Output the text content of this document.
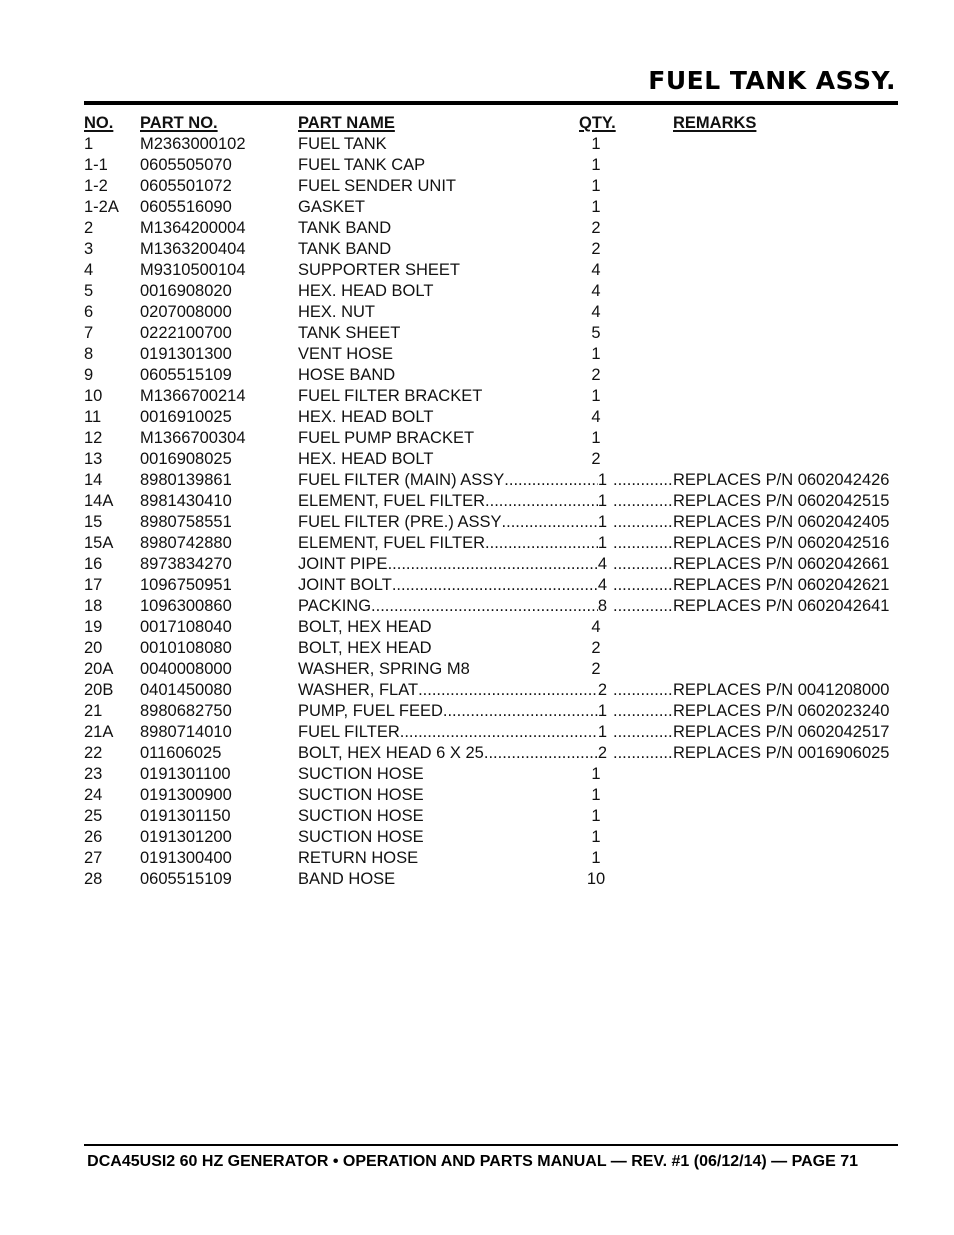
FUEL TANK ASSY.
NO. PART NO.	PART NAME	QTY.	REMARKS
1	M2363000102	FUEL TANK	1
1-1 0605505070	FUEL TANK CAP	1
1-2 0605501072	FUEL SENDER UNIT	1
1-2A 0605516090	GASKET	1
2	M1364200004	TANK BAND	2
3	M1363200404	TANK BAND	2
4	M9310500104	SUPPORTER SHEET	4
5	0016908020	HEX. HEAD BOLT	4
6	0207008000	HEX. NUT	4
7	0222100700	TANK SHEET	5
8	0191301300	VENT HOSE	1
9	0605515109	HOSE BAND	2
10 M1366700214	FUEL FILTER BRACKET	1
11 0016910025	HEX. HEAD BOLT	4
12 M1366700304	FUEL PUMP BRACKET	1
13 0016908025	HEX. HEAD BOLT	2
14 8980139861	FUEL FILTER (MAIN) ASSY .....	1 .....	REPLACES P/N 0602042426
14A 8981430410	ELEMENT, FUEL FILTER .....	1 .....	REPLACES P/N 0602042515
15 8980758551	FUEL FILTER (PRE.) ASSY .....	1 .....	REPLACES P/N 0602042405
15A 8980742880	ELEMENT, FUEL FILTER .....	1 .....	REPLACES P/N 0602042516
16 8973834270	JOINT PIPE .....	4 .....	REPLACES P/N 0602042661
17 1096750951	JOINT BOLT .....	4 .....	REPLACES P/N 0602042621
18 1096300860	PACKING .....	8 .....	REPLACES P/N 0602042641
19 0017108040	BOLT, HEX HEAD	4
20 0010108080	BOLT, HEX HEAD	2
20A 0040008000	WASHER, SPRING M8	2
20B 0401450080	WASHER, FLAT .....	2 .....	REPLACES P/N 0041208000
21 8980682750	PUMP, FUEL FEED .....	1 .....	REPLACES P/N 0602023240
21A 8980714010	FUEL FILTER .....	1 .....	REPLACES P/N 0602042517
22 011606025	BOLT, HEX HEAD 6 X 25 .....	2 .....	REPLACES P/N 0016906025
23 0191301100	SUCTION HOSE	1
24 0191300900	SUCTION HOSE	1
25 0191301150	SUCTION HOSE	1
26 0191301200	SUCTION HOSE	1
27 0191300400	RETURN HOSE	1
28 0605515109	BAND HOSE	10
DCA45USI2 60 HZ GENERATOR • OPERATION AND PARTS MANUAL — REV. #1 (06/12/14) — PAGE 71
